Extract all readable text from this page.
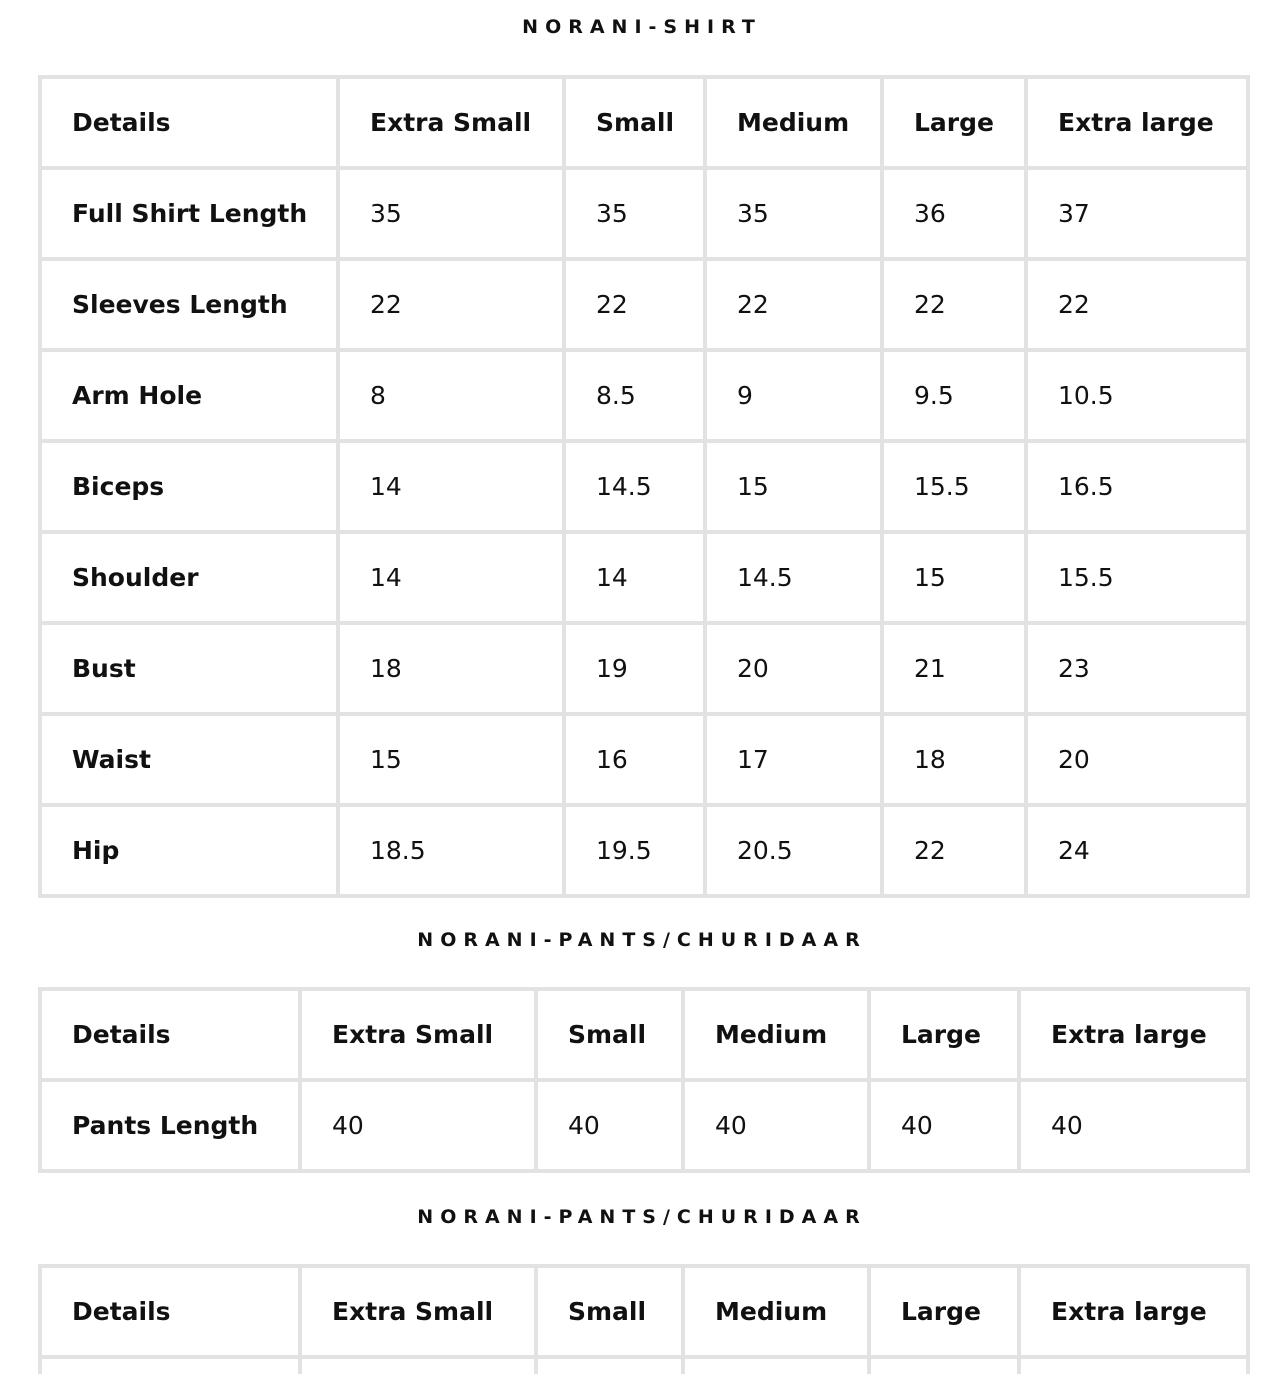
NORANI-SHIRT
Details	Extra Small	Small	Medium	Large	Extra large
Full Shirt Length	35	35	35	36	37
Sleeves Length	22	22	22	22	22
Arm Hole	8	8.5	9	9.5	10.5
Biceps	14	14.5	15	15.5	16.5
Shoulder	14	14	14.5	15	15.5
Bust	18	19	20	21	23
Waist	15	16	17	18	20
Hip	18.5	19.5	20.5	22	24
NORANI-PANTS/CHURIDAAR
Details	Extra Small	Small	Medium	Large	Extra large
Pants Length	40	40	40	40	40
NORANI-PANTS/CHURIDAAR
Details	Extra Small	Small	Medium	Large	Extra large
